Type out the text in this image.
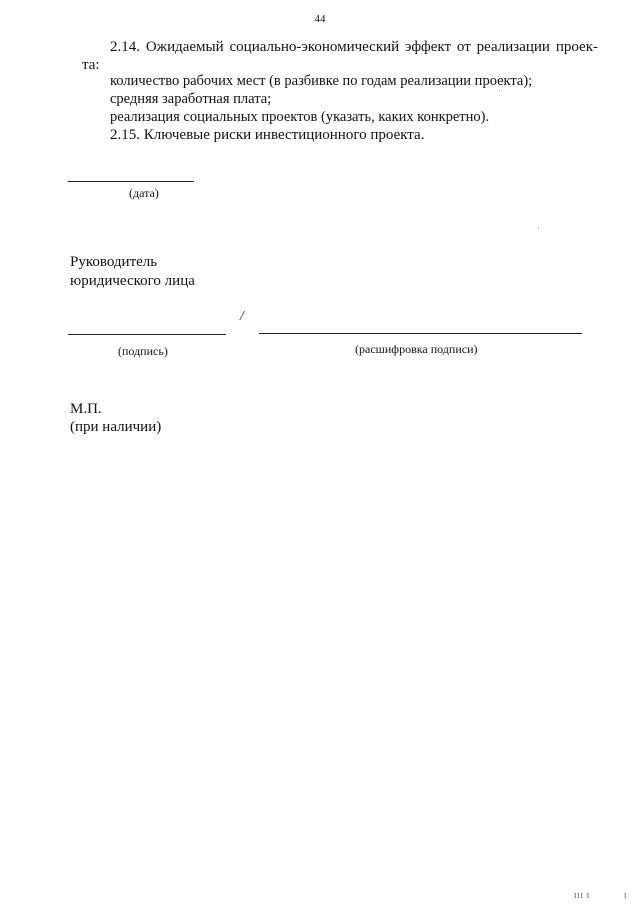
44
2.14. Ожидаемый социально-экономический эффект от реализации проек-
та:
количество рабочих мест (в разбивке по годам реализации проекта);
средняя заработная плата;
реализация социальных проектов (указать, каких конкретно).
2.15. Ключевые риски инвестиционного проекта.
(дата)
Руководитель
юридического лица
/
(подпись)	(расшифровка подписи)
М.П.
(при наличии)
III I	I
